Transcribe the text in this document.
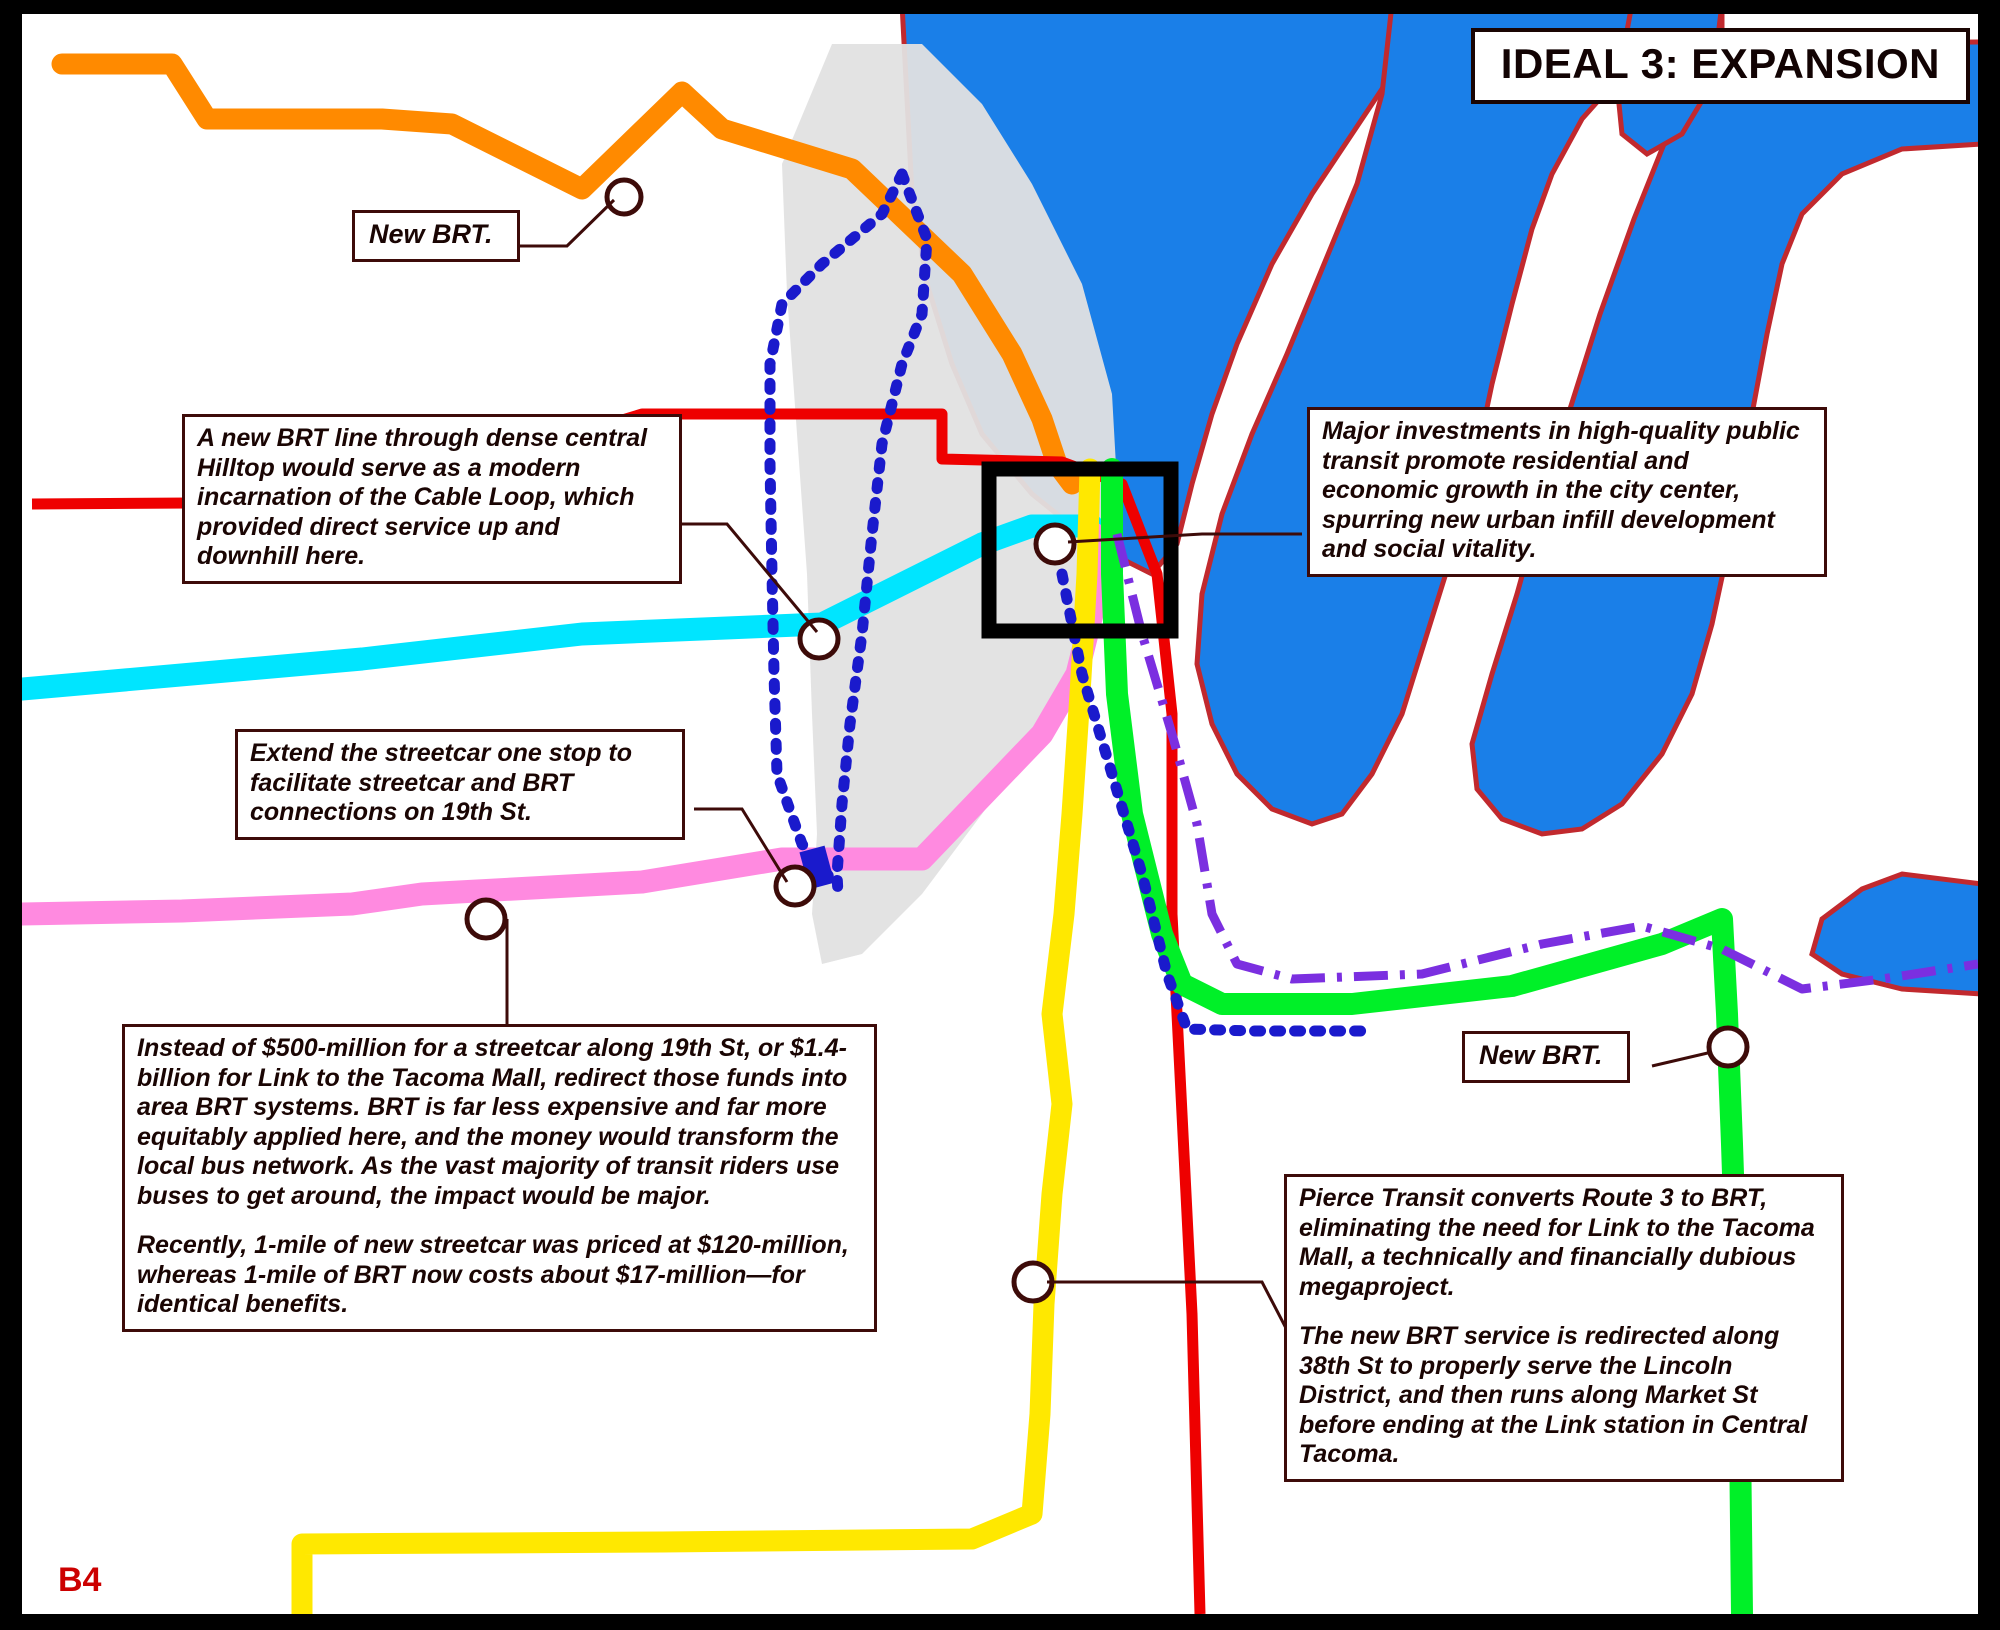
IDEAL 3: EXPANSION

New BRT.

A new BRT line through dense central Hilltop would serve as a modern incarnation of the Cable Loop, which provided direct service up and downhill here.

Extend the streetcar one stop to facilitate streetcar and BRT connections on 19th St.

Major investments in high-quality public transit promote residential and economic growth in the city center, spurring new urban infill development and social vitality.

Instead of $500-million for a streetcar along 19th St, or $1.4-billion for Link to the Tacoma Mall, redirect those funds into area BRT systems. BRT is far less expensive and far more equitably applied here, and the money would transform the local bus network. As the vast majority of transit riders use buses to get around, the impact would be major.

Recently, 1-mile of new streetcar was priced at $120-million, whereas 1-mile of BRT now costs about $17-million—for identical benefits.

New BRT.

Pierce Transit converts Route 3 to BRT, eliminating the need for Link to the Tacoma Mall, a technically and financially dubious megaproject.

The new BRT service is redirected along 38th St to properly serve the Lincoln District, and then runs along Market St before ending at the Link station in Central Tacoma.

B4
